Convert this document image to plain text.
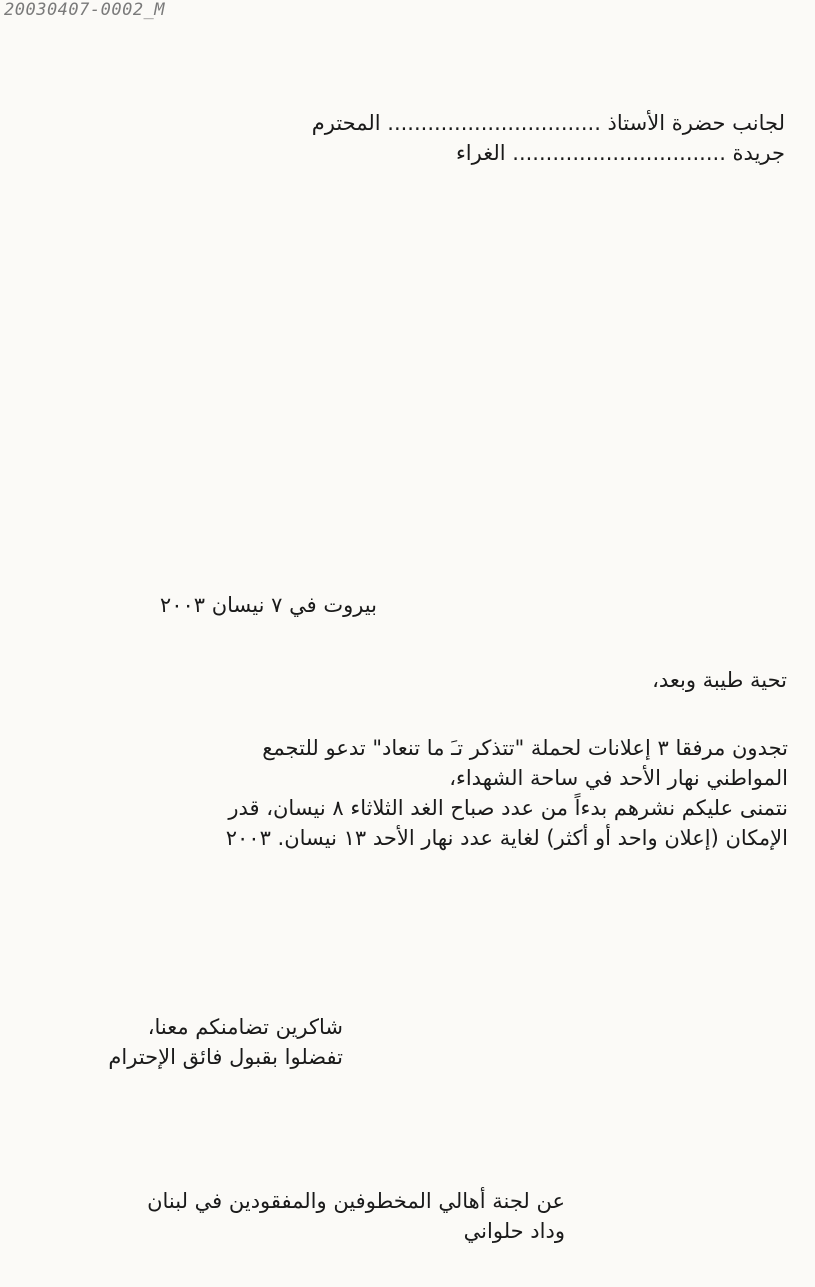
20030407-0002_M
لجانب حضرة الأستاذ ................................ المحترم
جريدة ................................ الغراء
بيروت في ٧ نيسان ٢٠٠٣
تحية طيبة وبعد،
تجدون مرفقا ٣ إعلانات لحملة "تتذكر تـَ ما تنعاد" تدعو للتجمع
المواطني نهار الأحد في ساحة الشهداء،
نتمنى عليكم نشرهم بدءاً من عدد صباح الغد الثلاثاء ٨ نيسان، قدر
الإمكان (إعلان واحد أو أكثر) لغاية عدد نهار الأحد ١٣ نيسان. ٢٠٠٣
شاكرين تضامنكم معنا،
تفضلوا بقبول فائق الإحترام
عن لجنة أهالي المخطوفين والمفقودين في لبنان
وداد حلواني
